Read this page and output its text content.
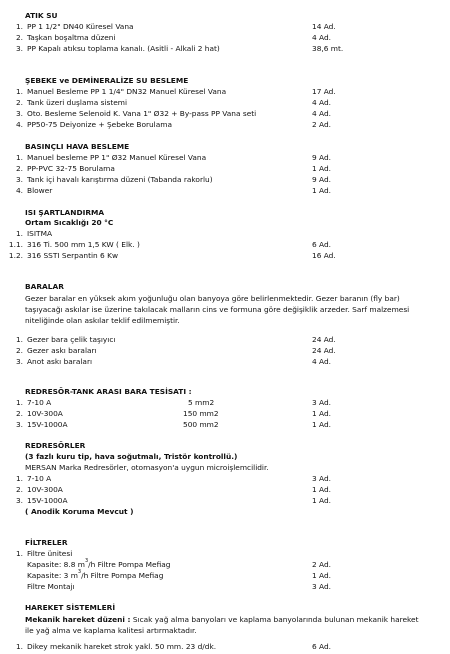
ATIK SU
1. PP 1 1/2" DN40 Küresel Vana	14 Ad.
2. Taşkan boşaltma düzeni	4 Ad.
3. PP Kapalı atıksu toplama kanalı. (Asitli - Alkali 2 hat)	38,6 mt.
ŞEBEKE ve DEMİNERALİZE SU BESLEME
1. Manuel Besleme PP 1 1/4" DN32 Manuel Küresel Vana	17 Ad.
2. Tank üzeri duşlama sistemi	4 Ad.
3. Oto. Besleme Selenoid K. Vana 1" Ø32 + By-pass PP Vana seti	4 Ad.
4. PP50-75 Deiyonize + Şebeke Borulama	2 Ad.
BASINÇLI HAVA BESLEME
1. Manuel besleme PP 1" Ø32 Manuel Küresel Vana	9 Ad.
2. PP-PVC 32-75 Borulama	1 Ad.
3. Tank içi havalı karıştırma düzeni (Tabanda rakorlu)	9 Ad.
4. Blower	1 Ad.
ISI ŞARTLANDIRMA
Ortam Sıcaklığı 20 °C
1. ISITMA
1.1. 316 Ti. 500 mm 1,5 KW ( Elk. )	6 Ad.
1.2. 316 SSTI Serpantin 6 Kw	16 Ad.
BARALAR
Gezer baralar en yüksek akım yoğunluğu olan banyoya göre belirlenmektedir. Gezer baranın (fly bar) taşıyacağı askılar ise üzerine takılacak malların cins ve formuna göre değişiklik arzeder. Sarf malzemesi niteliğinde olan askılar teklif edilmemiştir.
1. Gezer bara çelik taşıyıcı	24 Ad.
2. Gezer askı baraları	24 Ad.
3. Anot askı baraları	4 Ad.
REDRESÖR-TANK ARASI BARA TESİSATI :
1. 7-10 A	5 mm2	3 Ad.
2. 10V-300A	150 mm2	1 Ad.
3. 15V-1000A	500 mm2	1 Ad.
REDRESÖRLER
(3 fazlı kuru tip, hava soğutmalı, Tristör kontrollü.)
MERSAN Marka Redresörler, otomasyon'a uygun microişlemcilidir.
1. 7-10 A	3 Ad.
2. 10V-300A	1 Ad.
3. 15V-1000A	1 Ad.
( Anodik Koruma Mevcut )
FİLTRELER
1. Filtre ünitesi
Kapasite: 8.8 $m^3/h$ Filtre Pompa Mefiag	2 Ad.
Kapasite: 3 $m^3/h$ Filtre Pompa Mefiag	1 Ad.
Filtre Montajı	3 Ad.
HAREKET SİSTEMLERİ
Mekanik hareket düzeni : Sıcak yağ alma banyoları ve kaplama banyolarında bulunan mekanik hareket ile yağ alma ve kaplama kalitesi artırmaktadır.
1. Dikey mekanik hareket strok yakl. 50 mm. 23 d/dk.	6 Ad.
